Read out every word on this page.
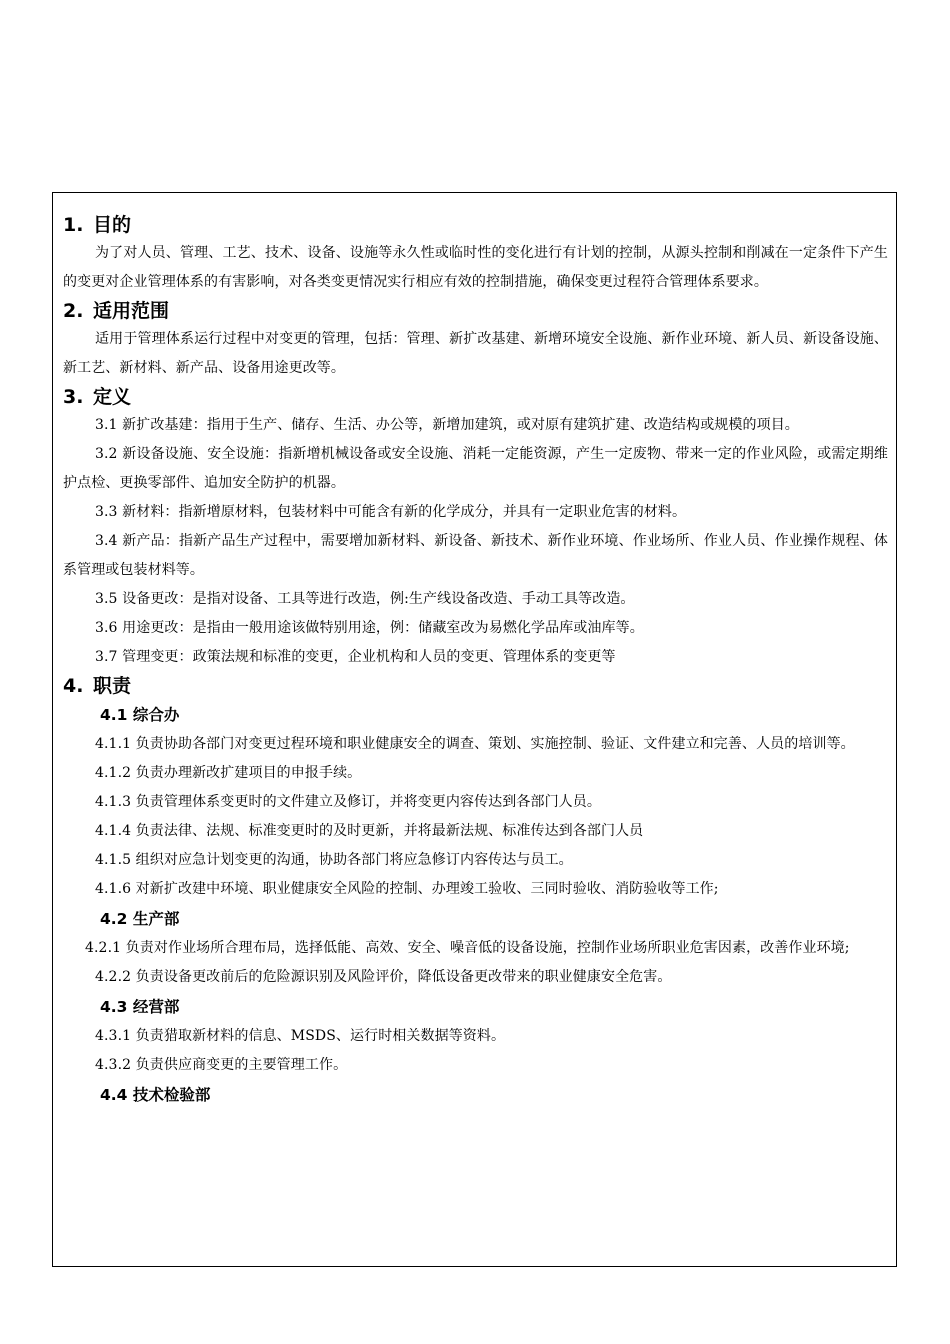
1. 目的

为了对人员、管理、工艺、技术、设备、设施等永久性或临时性的变化进行有计划的控制，从源头控制和削减在一定条件下产生的变更对企业管理体系的有害影响，对各类变更情况实行相应有效的控制措施，确保变更过程符合管理体系要求。

2. 适用范围

适用于管理体系运行过程中对变更的管理，包括：管理、新扩改基建、新增环境安全设施、新作业环境、新人员、新设备设施、新工艺、新材料、新产品、设备用途更改等。

3. 定义

3.1 新扩改基建：指用于生产、储存、生活、办公等，新增加建筑，或对原有建筑扩建、改造结构或规模的项目。

3.2 新设备设施、安全设施：指新增机械设备或安全设施、消耗一定能资源，产生一定废物、带来一定的作业风险，或需定期维护点检、更换零部件、追加安全防护的机器。

3.3 新材料：指新增原材料，包装材料中可能含有新的化学成分，并具有一定职业危害的材料。

3.4 新产品：指新产品生产过程中，需要增加新材料、新设备、新技术、新作业环境、作业场所、作业人员、作业操作规程、体系管理或包装材料等。

3.5 设备更改：是指对设备、工具等进行改造，例:生产线设备改造、手动工具等改造。

3.6 用途更改：是指由一般用途该做特别用途，例：储藏室改为易燃化学品库或油库等。

3.7 管理变更：政策法规和标准的变更，企业机构和人员的变更、管理体系的变更等

4. 职责
4.1 综合办

4.1.1 负责协助各部门对变更过程环境和职业健康安全的调查、策划、实施控制、验证、文件建立和完善、人员的培训等。

4.1.2 负责办理新改扩建项目的申报手续。

4.1.3 负责管理体系变更时的文件建立及修订，并将变更内容传达到各部门人员。

4.1.4 负责法律、法规、标准变更时的及时更新，并将最新法规、标准传达到各部门人员

4.1.5 组织对应急计划变更的沟通，协助各部门将应急修订内容传达与员工。

4.1.6 对新扩改建中环境、职业健康安全风险的控制、办理竣工验收、三同时验收、消防验收等工作;

4.2 生产部

4.2.1 负责对作业场所合理布局，选择低能、高效、安全、噪音低的设备设施，控制作业场所职业危害因素，改善作业环境;

4.2.2 负责设备更改前后的危险源识别及风险评价，降低设备更改带来的职业健康安全危害。

4.3 经营部

4.3.1 负责猎取新材料的信息、MSDS、运行时相关数据等资料。

4.3.2 负责供应商变更的主要管理工作。

4.4 技术检验部
